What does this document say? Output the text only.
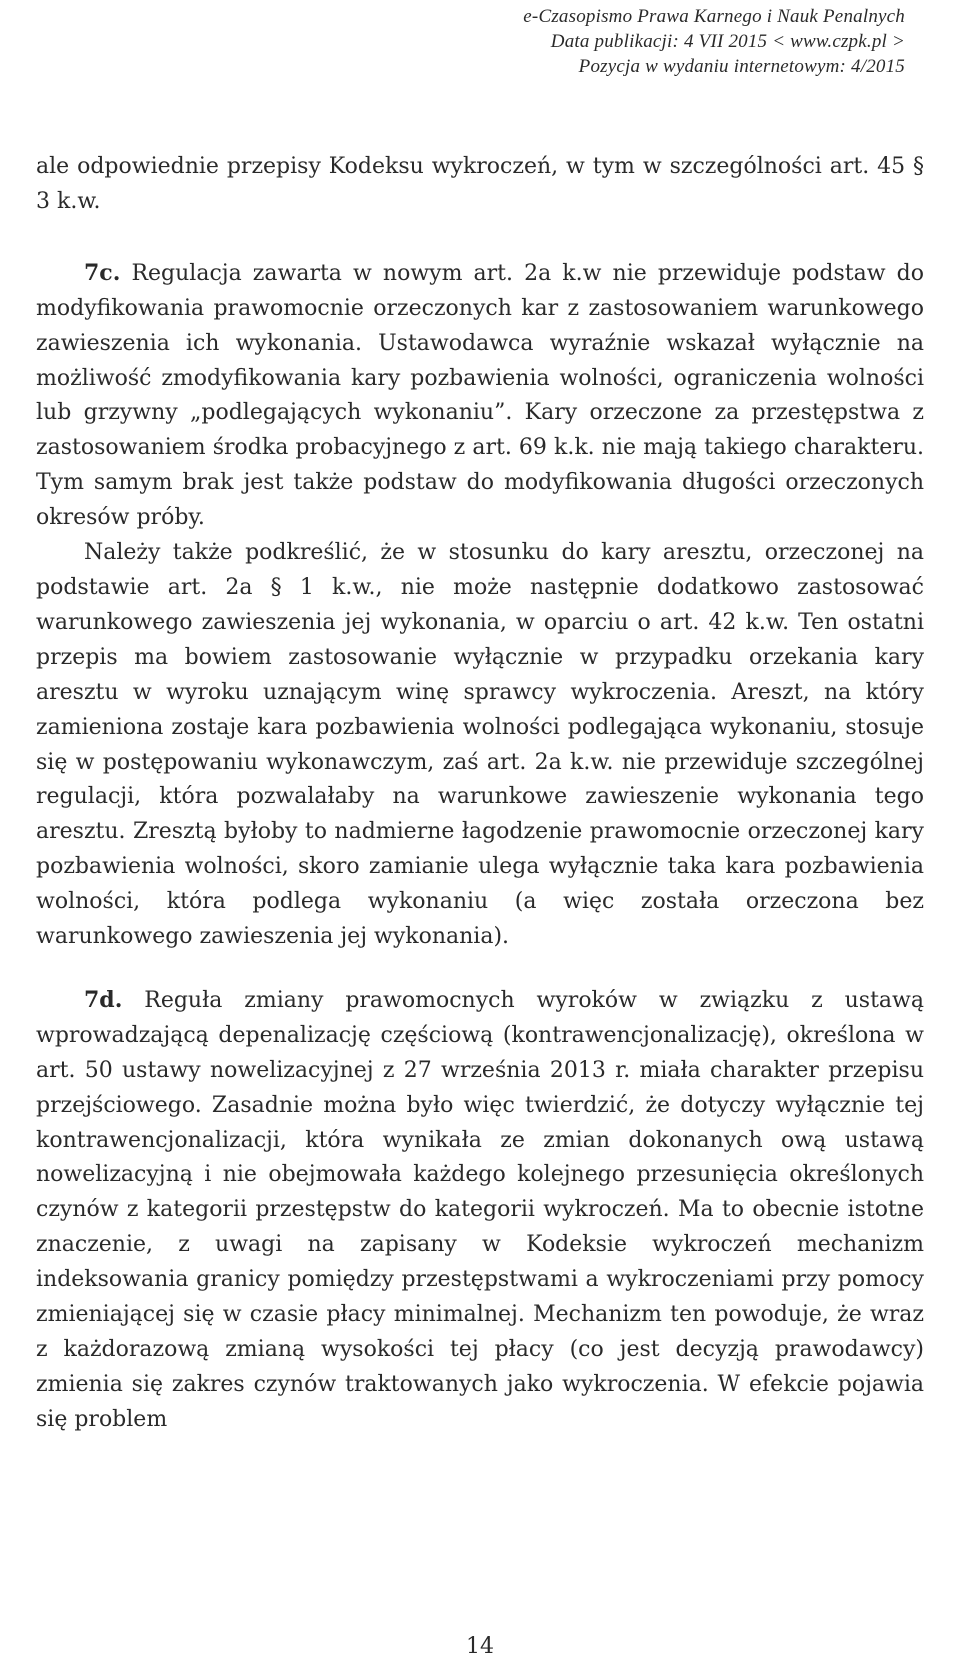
e-Czasopismo Prawa Karnego i Nauk Penalnych
Data publikacji: 4 VII 2015 < www.czpk.pl >
Pozycja w wydaniu internetowym: 4/2015

ale odpowiednie przepisy Kodeksu wykroczeń, w tym w szczególności art. 45 § 3 k.w.

7c. Regulacja zawarta w nowym art. 2a k.w nie przewiduje podstaw do modyfikowania prawomocnie orzeczonych kar z zastosowaniem warunkowego zawieszenia ich wykonania. Ustawodawca wyraźnie wskazał wyłącznie na możliwość zmodyfikowania kary pozbawienia wolności, ograniczenia wolności lub grzywny „podlegających wykonaniu”. Kary orzeczone za przestępstwa z zastosowaniem środka probacyjnego z art. 69 k.k. nie mają takiego charakteru. Tym samym brak jest także podstaw do modyfikowania długości orzeczonych okresów próby.

Należy także podkreślić, że w stosunku do kary aresztu, orzeczonej na podstawie art. 2a § 1 k.w., nie może następnie dodatkowo zastosować warunkowego zawieszenia jej wykonania, w oparciu o art. 42 k.w. Ten ostatni przepis ma bowiem zastosowanie wyłącznie w przypadku orzekania kary aresztu w wyroku uznającym winę sprawcy wykroczenia. Areszt, na który zamieniona zostaje kara pozbawienia wolności podlegająca wykonaniu, stosuje się w postępowaniu wykonawczym, zaś art. 2a k.w. nie przewiduje szczególnej regulacji, która pozwalałaby na warunkowe zawieszenie wykonania tego aresztu. Zresztą byłoby to nadmierne łagodzenie prawomocnie orzeczonej kary pozbawienia wolności, skoro zamianie ulega wyłącznie taka kara pozbawienia wolności, która podlega wykonaniu (a więc została orzeczona bez warunkowego zawieszenia jej wykonania).

7d. Reguła zmiany prawomocnych wyroków w związku z ustawą wprowadzającą depenalizację częściową (kontrawencjonalizację), określona w art. 50 ustawy nowelizacyjnej z 27 września 2013 r. miała charakter przepisu przejściowego. Zasadnie można było więc twierdzić, że dotyczy wyłącznie tej kontrawencjonalizacji, która wynikała ze zmian dokonanych ową ustawą nowelizacyjną i nie obejmowała każdego kolejnego przesunięcia określonych czynów z kategorii przestępstw do kategorii wykroczeń. Ma to obecnie istotne znaczenie, z uwagi na zapisany w Kodeksie wykroczeń mechanizm indeksowania granicy pomiędzy przestępstwami a wykroczeniami przy pomocy zmieniającej się w czasie płacy minimalnej. Mechanizm ten powoduje, że wraz z każdorazową zmianą wysokości tej płacy (co jest decyzją prawodawcy) zmienia się zakres czynów traktowanych jako wykroczenia. W efekcie pojawia się problem

14
